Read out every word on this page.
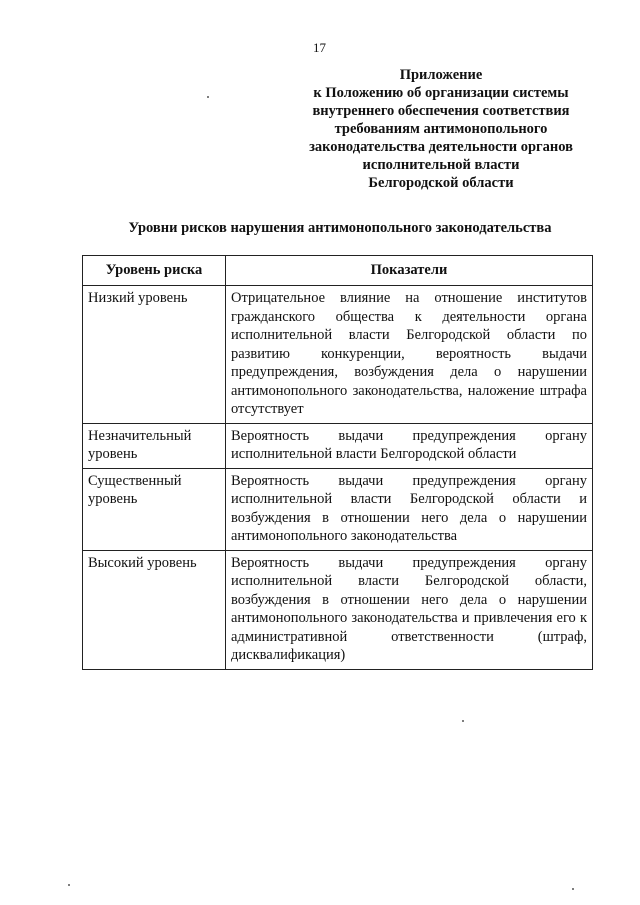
17
Приложение
к Положению об организации системы
внутреннего обеспечения соответствия
требованиям антимонопольного
законодательства деятельности органов
исполнительной власти
Белгородской области
Уровни рисков нарушения антимонопольного законодательства
Уровень риска	Показатели
Низкий уровень	Отрицательное влияние на отношение институтов гражданского общества к деятельности органа исполнительной власти Белгородской области по развитию конкуренции, вероятность выдачи предупреждения, возбуждения дела о нарушении антимонопольного законодательства, наложение штрафа отсутствует
Незначительный уровень	Вероятность выдачи предупреждения органу исполнительной власти Белгородской области
Существенный уровень	Вероятность выдачи предупреждения органу исполнительной власти Белгородской области и возбуждения в отношении него дела о нарушении антимонопольного законодательства
Высокий уровень	Вероятность выдачи предупреждения органу исполнительной власти Белгородской области, возбуждения в отношении него дела о нарушении антимонопольного законодательства и привлечения его к административной ответственности (штраф, дисквалификация)
